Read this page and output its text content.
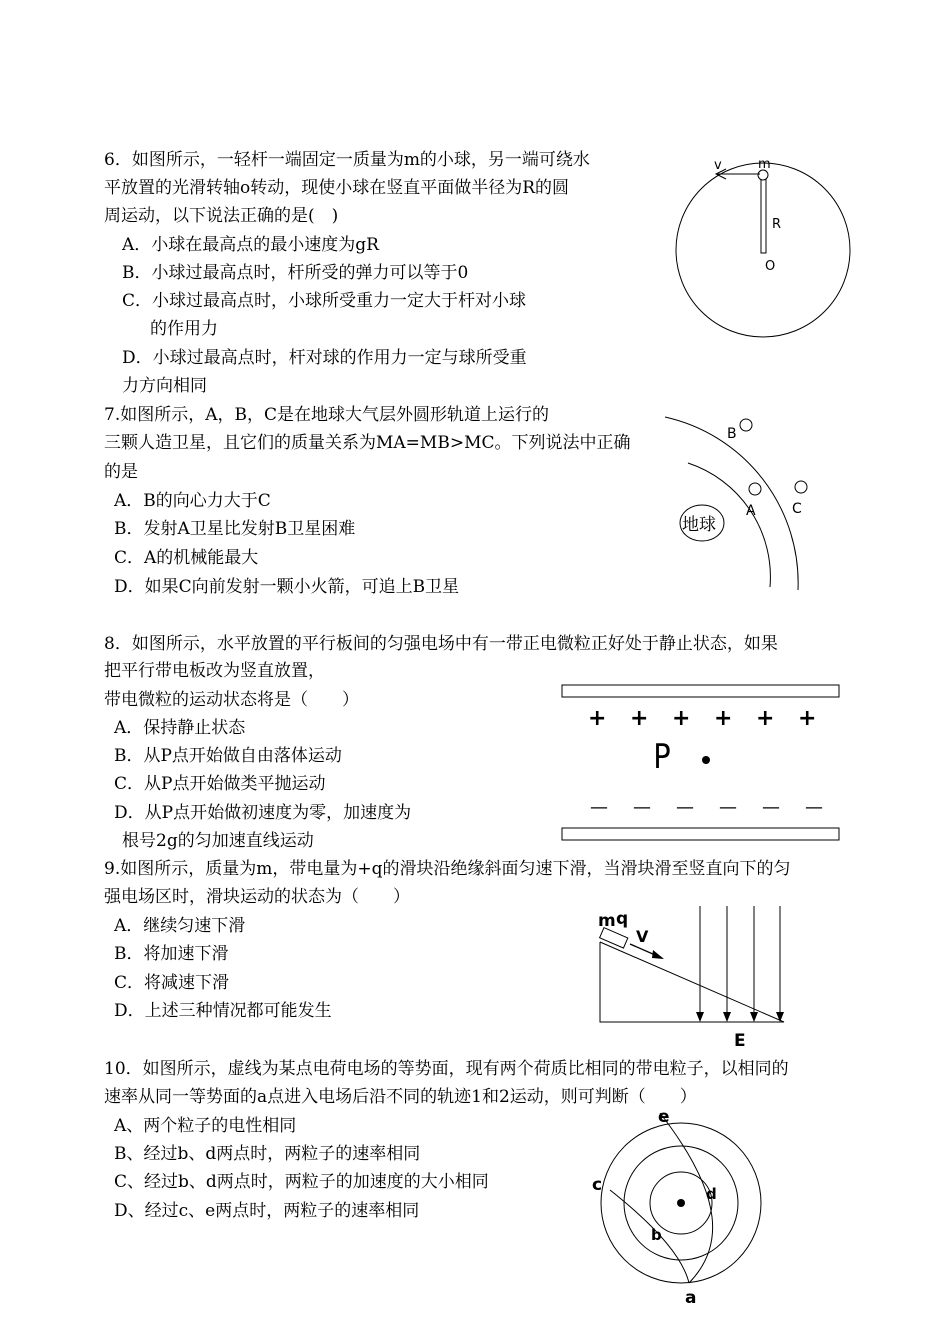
6．如图所示，一轻杆一端固定一质量为m的小球，另一端可绕水
平放置的光滑转轴o转动，现使小球在竖直平面做半径为R的圆
周运动，以下说法正确的是(　)
A．小球在最高点的最小速度为gR
B．小球过最高点时，杆所受的弹力可以等于0
C．小球过最高点时，小球所受重力一定大于杆对小球
的作用力
D．小球过最高点时，杆对球的作用力一定与球所受重
力方向相同
v	m
R
O
7.如图所示，A，B，C是在地球大气层外圆形轨道上运行的
三颗人造卫星，且它们的质量关系为MA=MB>MC。下列说法中正确
的是
A．B的向心力大于C
B．发射A卫星比发射B卫星困难
C．A的机械能最大
D．如果C向前发射一颗小火箭，可追上B卫星
地球
B
A	C
8．如图所示，水平放置的平行板间的匀强电场中有一带正电微粒正好处于静止状态，如果
把平行带电板改为竖直放置，
带电微粒的运动状态将是（　　）
A．保持静止状态
B．从P点开始做自由落体运动
C．从P点开始做类平抛运动
D．从P点开始做初速度为零，加速度为
根号2g的匀加速直线运动
+ + + + + +
— — — — — —
P
9.如图所示，质量为m，带电量为+q的滑块沿绝缘斜面匀速下滑，当滑块滑至竖直向下的匀
强电场区时，滑块运动的状态为（　　）
A．继续匀速下滑
B．将加速下滑
C．将减速下滑
D．上述三种情况都可能发生
m q
V
E
10．如图所示，虚线为某点电荷电场的等势面，现有两个荷质比相同的带电粒子，以相同的
速率从同一等势面的a点进入电场后沿不同的轨迹1和2运动，则可判断（　　）
A、两个粒子的电性相同
B、经过b、d两点时，两粒子的速率相同
C、经过b、d两点时，两粒子的加速度的大小相同
D、经过c、e两点时，两粒子的速率相同
a
b
c	d
e
